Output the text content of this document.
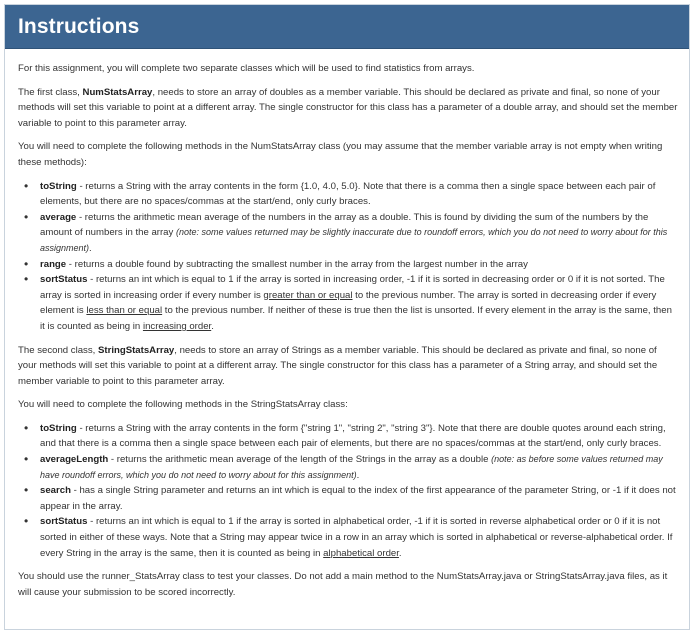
Instructions

For this assignment, you will complete two separate classes which will be used to find statistics from arrays.

The first class, NumStatsArray, needs to store an array of doubles as a member variable. This should be declared as private and final, so none of your methods will set this variable to point at a different array. The single constructor for this class has a parameter of a double array, and should set the member variable to point to this parameter array.

You will need to complete the following methods in the NumStatsArray class (you may assume that the member variable array is not empty when writing these methods):

• toString - returns a String with the array contents in the form {1.0, 4.0, 5.0}. Note that there is a comma then a single space between each pair of elements, but there are no spaces/commas at the start/end, only curly braces.
• average - returns the arithmetic mean average of the numbers in the array as a double. This is found by dividing the sum of the numbers by the amount of numbers in the array (note: some values returned may be slightly inaccurate due to roundoff errors, which you do not need to worry about for this assignment).
• range - returns a double found by subtracting the smallest number in the array from the largest number in the array
• sortStatus - returns an int which is equal to 1 if the array is sorted in increasing order, -1 if it is sorted in decreasing order or 0 if it is not sorted. The array is sorted in increasing order if every number is greater than or equal to the previous number. The array is sorted in decreasing order if every element is less than or equal to the previous number. If neither of these is true then the list is unsorted. If every element in the array is the same, then it is counted as being in increasing order.

The second class, StringStatsArray, needs to store an array of Strings as a member variable. This should be declared as private and final, so none of your methods will set this variable to point at a different array. The single constructor for this class has a parameter of a String array, and should set the member variable to point to this parameter array.

You will need to complete the following methods in the StringStatsArray class:

• toString - returns a String with the array contents in the form {"string 1", "string 2", "string 3"}. Note that there are double quotes around each string, and that there is a comma then a single space between each pair of elements, but there are no spaces/commas at the start/end, only curly braces.
• averageLength - returns the arithmetic mean average of the length of the Strings in the array as a double (note: as before some values returned may have roundoff errors, which you do not need to worry about for this assignment).
• search - has a single String parameter and returns an int which is equal to the index of the first appearance of the parameter String, or -1 if it does not appear in the array.
• sortStatus - returns an int which is equal to 1 if the array is sorted in alphabetical order, -1 if it is sorted in reverse alphabetical order or 0 if it is not sorted in either of these ways. Note that a String may appear twice in a row in an array which is sorted in alphabetical or reverse-alphabetical order. If every String in the array is the same, then it is counted as being in alphabetical order.

You should use the runner_StatsArray class to test your classes. Do not add a main method to the NumStatsArray.java or StringStatsArray.java files, as it will cause your submission to be scored incorrectly.
